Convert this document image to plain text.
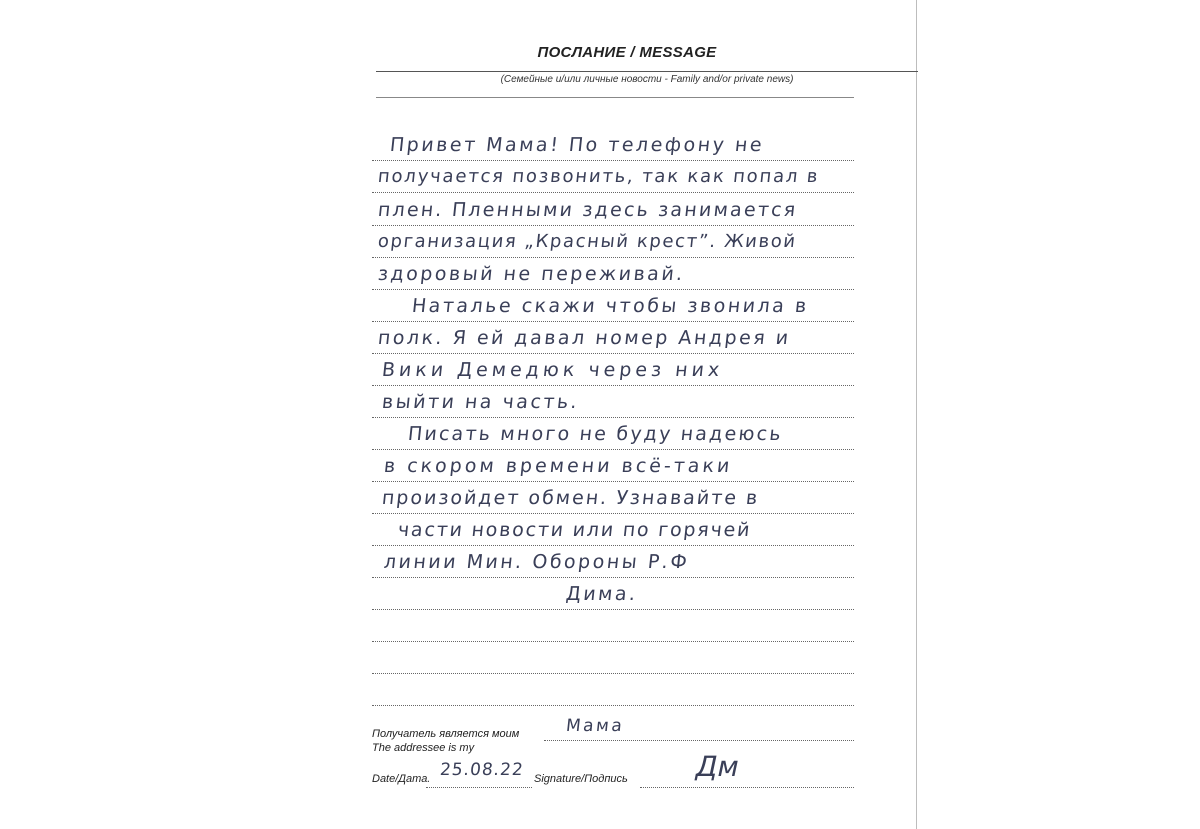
ПОСЛАНИЕ / MESSAGE
(Семейные и/или личные новости - Family and/or private news)
Привет Мама! По телефону не
получается позвонить, так как попал в
плен. Пленными здесь занимается
организация „Красный крест”. Живой
здоровый не переживай.
Наталье скажи чтобы звонила в
полк. Я ей давал номер Андрея и
Вики Демедюк через них
выйти на часть.
Писать много не буду надеюсь
в скором времени всё-таки
произойдет обмен. Узнавайте в
части новости или по горячей
линии Мин. Обороны Р.Ф
Дима.
Получатель является моим
The addressee is my
Мама
Date/Дата. 25.08.22 Signature/Подпись Дм
